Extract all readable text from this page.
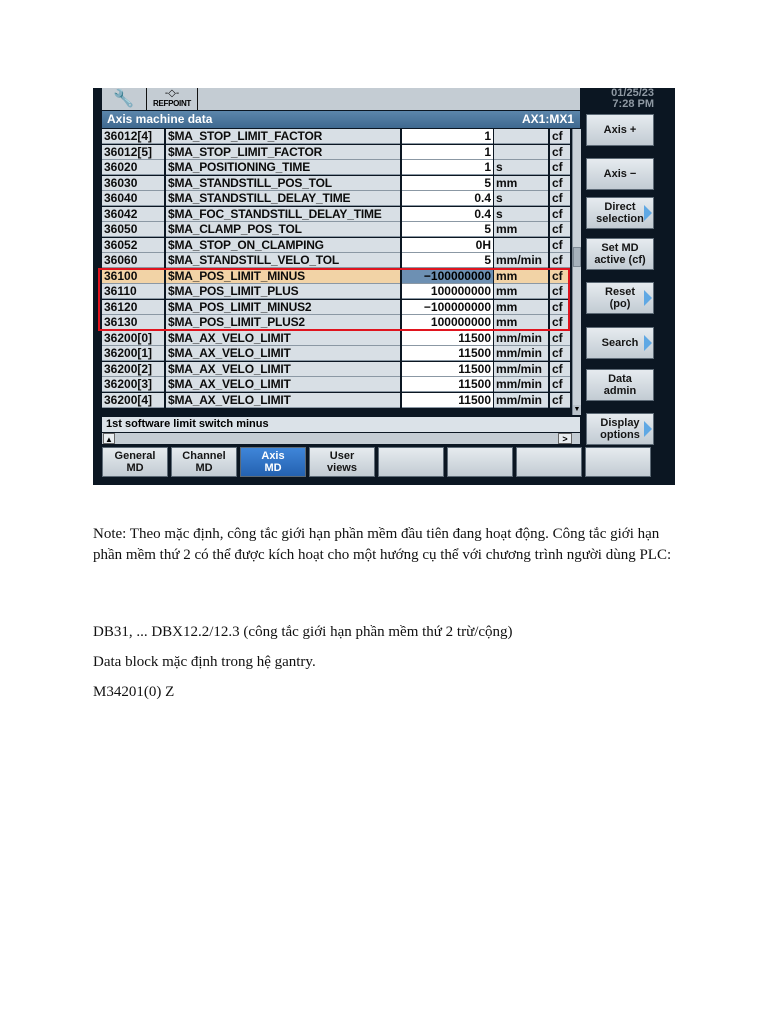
🔧	-◇-
REFPOINT
01/25/23
7:28 PM
Axis machine data	AX1:MX1
36012[4]	$MA_STOP_LIMIT_FACTOR	1	cf
36012[5]	$MA_STOP_LIMIT_FACTOR	1	cf
36020	$MA_POSITIONING_TIME	1 s	cf
36030	$MA_STANDSTILL_POS_TOL	5 mm	cf
36040	$MA_STANDSTILL_DELAY_TIME	0.4 s	cf
36042	$MA_FOC_STANDSTILL_DELAY_TIME	0.4 s	cf
36050	$MA_CLAMP_POS_TOL	5 mm	cf
36052	$MA_STOP_ON_CLAMPING	0H	cf
36060	$MA_STANDSTILL_VELO_TOL	5 mm/min cf
36100	$MA_POS_LIMIT_MINUS	−100000000 mm	cf
36110	$MA_POS_LIMIT_PLUS	100000000 mm	cf
36120	$MA_POS_LIMIT_MINUS2	−100000000 mm	cf
36130	$MA_POS_LIMIT_PLUS2	100000000 mm	cf
36200[0]	$MA_AX_VELO_LIMIT	11500 mm/min cf
36200[1]	$MA_AX_VELO_LIMIT	11500 mm/min cf
36200[2]	$MA_AX_VELO_LIMIT	11500 mm/min cf
36200[3]	$MA_AX_VELO_LIMIT	11500 mm/min cf
36200[4]	$MA_AX_VELO_LIMIT	11500 mm/min cf
▼
1st software limit switch minus
▲	>
Axis +
Axis −
Direct
selection
Set MD
active (cf)
Reset
(po)
Search
Data
admin
Display
options
General
MD
Channel
MD
Axis
MD
User
views
Note: Theo mặc định, công tắc giới hạn phần mềm đầu tiên đang hoạt động. Công tắc giới hạn phần mềm thứ 2 có thể được kích hoạt cho một hướng cụ thể với chương trình người dùng PLC:
DB31, ... DBX12.2/12.3 (công tắc giới hạn phần mềm thứ 2 trừ/cộng)
Data block mặc định trong hệ gantry.
M34201(0) Z
